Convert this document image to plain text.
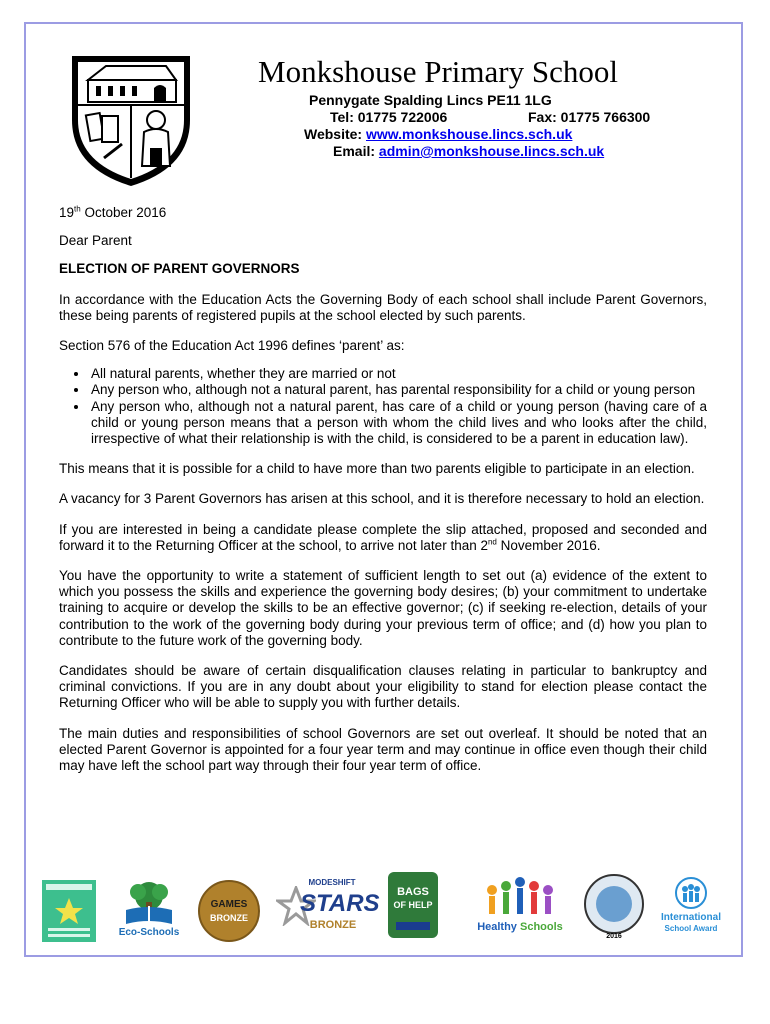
Monkshouse Primary School
Pennygate Spalding Lincs PE11 1LG
Tel: 01775 722006	Fax: 01775 766300
Website: www.monkshouse.lincs.sch.uk
Email: admin@monkshouse.lincs.sch.uk

19th October 2016

Dear Parent

ELECTION OF PARENT GOVERNORS

In accordance with the Education Acts the Governing Body of each school shall include Parent Governors, these being parents of registered pupils at the school elected by such parents.

Section 576 of the Education Act 1996 defines ‘parent’ as:

• All natural parents, whether they are married or not
• Any person who, although not a natural parent, has parental responsibility for a child or young person
• Any person who, although not a natural parent, has care of a child or young person (having care of a child or young person means that a person with whom the child lives and who looks after the child, irrespective of what their relationship is with the child, is considered to be a parent in education law).

This means that it is possible for a child to have more than two parents eligible to participate in an election.

A vacancy for 3 Parent Governors has arisen at this school, and it is therefore necessary to hold an election.

If you are interested in being a candidate please complete the slip attached, proposed and seconded and forward it to the Returning Officer at the school, to arrive not later than 2nd November 2016.

You have the opportunity to write a statement of sufficient length to set out (a) evidence of the extent to which you possess the skills and experience the governing body desires; (b) your commitment to undertake training to acquire or develop the skills to be an effective governor; (c) if seeking re-election, details of your contribution to the work of the governing body during your previous term of office; and (d) how you plan to contribute to the future work of the governing body.

Candidates should be aware of certain disqualification clauses relating in particular to bankruptcy and criminal convictions. If you are in any doubt about your eligibility to stand for election please contact the Returning Officer who will be able to supply you with further details.

The main duties and responsibilities of school Governors are set out overleaf. It should be noted that an elected Parent Governor is appointed for a four year term and may continue in office even though their child may have left the school part way through their four year term of office.

Eco-Schools
GAMES
BRONZE
MODESHIFT
STARS
BRONZE
BAGS
OF HELP
Healthy Schools
2016
International
School Award
